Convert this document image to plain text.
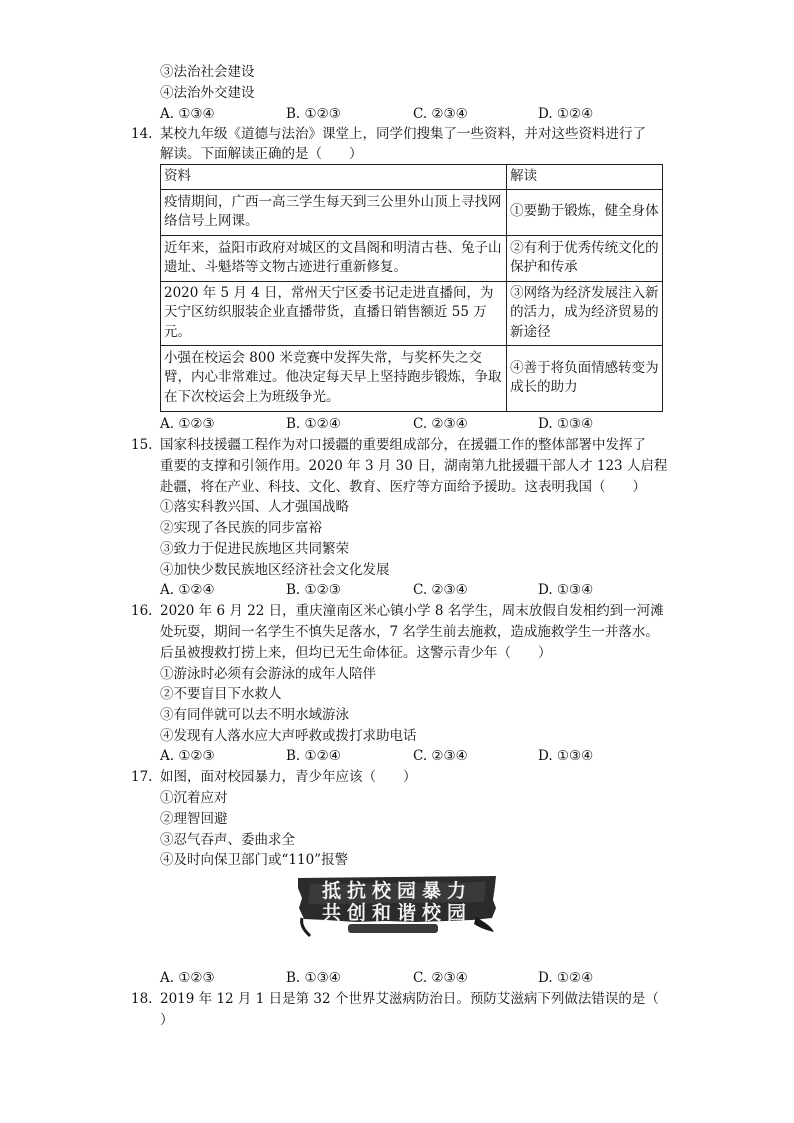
③法治社会建设
④法治外交建设
A. ①③④	B. ①②③	C. ②③④	D. ①②④
14. 某校九年级《道德与法治》课堂上，同学们搜集了一些资料，并对这些资料进行了
解读。下面解读正确的是（　　）
资料	解读
疫情期间，广西一高三学生每天到三公里外山顶上寻找网络信号上网课。	①要勤于锻炼，健全身体
近年来，益阳市政府对城区的文昌阁和明清古巷、兔子山遗址、斗魁塔等文物古迹进行重新修复。	②有利于优秀传统文化的保护和传承
2020 年 5 月 4 日，常州天宁区委书记走进直播间，为天宁区纺织服装企业直播带货，直播日销售额近 55 万元。	③网络为经济发展注入新的活力，成为经济贸易的新途径
小强在校运会 800 米竞赛中发挥失常，与奖杯失之交臂，内心非常难过。他决定每天早上坚持跑步锻炼，争取在下次校运会上为班级争光。	④善于将负面情感转变为成长的助力
A. ①②③	B. ①②④	C. ②③④	D. ①③④
15. 国家科技援疆工程作为对口援疆的重要组成部分，在援疆工作的整体部署中发挥了
重要的支撑和引领作用。2020 年 3 月 30 日，湖南第九批援疆干部人才 123 人启程
赴疆，将在产业、科技、文化、教育、医疗等方面给予援助。这表明我国（　　）
①落实科教兴国、人才强国战略
②实现了各民族的同步富裕
③致力于促进民族地区共同繁荣
④加快少数民族地区经济社会文化发展
A. ①②④	B. ①②③	C. ②③④	D. ①③④
16. 2020 年 6 月 22 日，重庆潼南区米心镇小学 8 名学生，周末放假自发相约到一河滩
处玩耍，期间一名学生不慎失足落水，7 名学生前去施救，造成施救学生一并落水。
后虽被搜救打捞上来，但均已无生命体征。这警示青少年（　　）
①游泳时必须有会游泳的成年人陪伴
②不要盲目下水救人
③有同伴就可以去不明水域游泳
④发现有人落水应大声呼救或拨打求助电话
A. ①②③	B. ①②④	C. ②③④	D. ①③④
17. 如图，面对校园暴力，青少年应该（　　）
①沉着应对
②理智回避
③忍气吞声、委曲求全
④及时向保卫部门或“110”报警
抵抗校园暴力
共创和谐校园
A. ①②③	B. ①③④	C. ②③④	D. ①②④
18. 2019 年 12 月 1 日是第 32 个世界艾滋病防治日。预防艾滋病下列做法错误的是（
）
